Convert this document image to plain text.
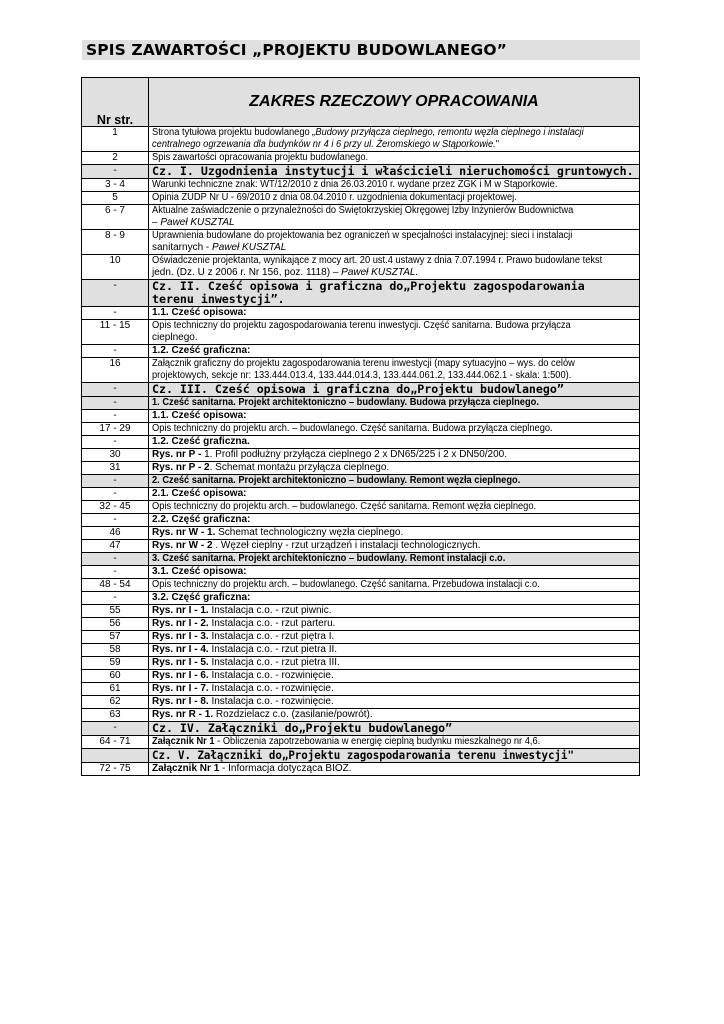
SPIS ZAWARTOŚCI „PROJEKTU BUDOWLANEGO”
Nr str.	ZAKRES RZECZOWY OPRACOWANIA
1	Strona tytułowa projektu budowlanego „Budowy przyłącza cieplnego, remontu węzła cieplnego i instalacji
centralnego ogrzewania dla budynków nr 4 i 6 przy ul. Żeromskiego w Stąporkowie."
2	Spis zawartości opracowania projektu budowlanego.
-	Cz. I. Uzgodnienia instytucji i właścicieli nieruchomości gruntowych.
3 - 4	Warunki techniczne znak: WT/12/2010 z dnia 26.03.2010 r. wydane przez ZGK i M w Stąporkowie.
5	Opinia ZUDP Nr U - 69/2010 z dnia 08.04.2010 r. uzgodnienia dokumentacji projektowej.
6 - 7	Aktualne zaświadczenie o przynależności do Świętokrzyskiej Okręgowej Izby Inżynierów Budownictwa
– Paweł KUSZTAL
8 - 9	Uprawnienia budowlane do projektowania bez ograniczeń w specjalności instalacyjnej: sieci i instalacji
sanitarnych - Paweł KUSZTAL
10	Oświadczenie projektanta, wynikające z mocy art. 20 ust.4 ustawy z dnia 7.07.1994 r. Prawo budowlane tekst
jedn. (Dz. U z 2006 r. Nr 156, poz. 1118) – Paweł KUSZTAL.
-	Cz. II. Cześć opisowa i graficzna do„Projektu zagospodarowania
terenu inwestycji”.
-	1.1. Cześć opisowa:
11 - 15	Opis techniczny do projektu zagospodarowania terenu inwestycji. Część sanitarna. Budowa przyłącza
cieplnego.
-	1.2. Cześć graficzna:
16	Załącznik graficzny do projektu zagospodarowania terenu inwestycji (mapy sytuacyjno – wys. do celów
projektowych, sekcje nr: 133.444.013.4, 133.444.014.3, 133.444.061.2, 133.444.062.1 - skala: 1:500).
-	Cz. III. Cześć opisowa i graficzna do„Projektu budowlanego”
-	1. Cześć sanitarna. Projekt architektoniczno – budowlany. Budowa przyłącza cieplnego.
-	1.1. Cześć opisowa:
17 - 29	Opis techniczny do projektu arch. – budowlanego. Część sanitarna. Budowa przyłącza cieplnego.
-	1.2. Cześć graficzna.
30	Rys. nr P - 1. Profil podłużny przyłącza cieplnego 2 x DN65/225 i 2 x DN50/200.
31	Rys. nr P - 2. Schemat montażu przyłącza cieplnego.
-	2. Cześć sanitarna. Projekt architektoniczno – budowlany. Remont węzła cieplnego.
-	2.1. Cześć opisowa:
32 - 45	Opis techniczny do projektu arch. – budowlanego. Część sanitarna. Remont węzła cieplnego.
-	2.2. Część graficzna:
46	Rys. nr W - 1. Schemat technologiczny węzła cieplnego.
47	Rys. nr W - 2 . Węzeł cieplny - rzut urządzeń i instalacji technologicznych.
-	3. Cześć sanitarna. Projekt architektoniczno – budowlany. Remont instalacji c.o.
-	3.1. Cześć opisowa:
48 - 54	Opis techniczny do projektu arch. – budowlanego. Część sanitarna. Przebudowa instalacji c.o.
-	3.2. Część graficzna:
55	Rys. nr I - 1. Instalacja c.o. - rzut piwnic.
56	Rys. nr I - 2. Instalacja c.o. - rzut parteru.
57	Rys. nr I - 3. Instalacja c.o. - rzut piętra I.
58	Rys. nr I - 4. Instalacja c.o. - rzut pietra II.
59	Rys. nr I - 5. Instalacja c.o. - rzut pietra III.
60	Rys. nr I - 6. Instalacja c.o. - rozwinięcie.
61	Rys. nr I - 7. Instalacja c.o. - rozwinięcie.
62	Rys. nr I - 8. Instalacja c.o. - rozwinięcie.
63	Rys. nr R - 1. Rozdzielacz c.o. (zasilanie/powrót).
-	Cz. IV. Załączniki do„Projektu budowlanego”
64 - 71	Załącznik Nr 1 - Obliczenia zapotrzebowania w energię cieplną budynku mieszkalnego nr 4,6.
	Cz. V. Załączniki do„Projektu zagospodarowania terenu inwestycji"
72 - 75	Załącznik Nr 1 - Informacja dotycząca BIOZ.
